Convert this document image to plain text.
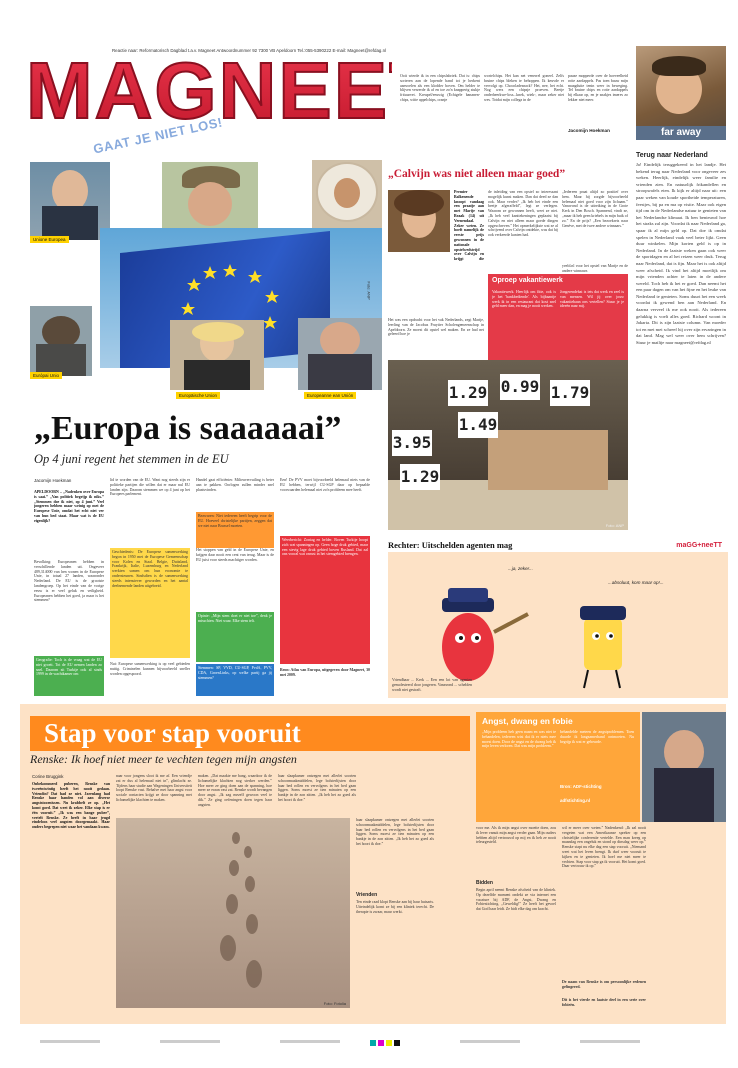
MAGNEE
Reactie naar: Reformatorisch Dagblad t.a.v. Magneet Antwoordnummer 92 7300 VB Apeldoorn Tel.:055-5390222 E-mail: Magneet@refdag.nl
GAAT JE NIET LOS!
Ooit wierde ik in een chipsfabriek. Dat is: chips sorteren aan de lopende band tot je herkent aanvoelen als een klodder boven. Om helder te blijven verzerde ik af en toe zo'n knapperig stukje frituurvet. Kreupel/eeuwig (Echtgele bananen-chips, witte appelchips, oranje
wortelchips. Het kan net venerrel goneel. Zelfs bruine chips bleken te behoppen. Ik keuvde er vervolgt op. Chocoladesnack? Het, nee, het echt. Nog wers een chipsje proeven. Beetje onderheerkwe-loss...knek, wiek-, maar zeker niet wes. Totdat mijn collega in de
pauze mopperde over de hoeveelheid rotte aardappels. Pas toen bauw mijn maagdutte tenin weer in beweging. Tel bruine chips en rotte aardappels bij elkaar op, en je snakjes imeres zo lekker niet meer.
Jacomijn Hoekman	far away
Terug naar Nederland
Ja! Eindelijk teruggekeerd in het landje. Het bekend terug naar Nederland voor ongeveer zes weken. Heerlijk, eindelijk weer familie en vrienden zien. En natuurlijk frikandellen en stroopwafels eten. Ik kijk er altijd naar uit: een paar weken van koude sportheide temperaturen, feestjes, bij pa en ma op visite. Maar ook eigen tijd om in de Nederlandse natuur te genieten van het Nederlandse klimaat. Ik ben benieuwd hoe het straks zal zijn. Voordat ik naar Nederland ga, spaar ik al mijn geld op. Dat doe ik omdat spelen in Nederland vaak veel beter lijkt. Geen duur winkelen. Mijn korten geld is op in Nederland. In de laatste weken gaan ook weer de sportdagen en al het reizen weer druk. Terug naar Nederland, dat is fijn. Maar het is ook altijd weer afscheid. Ik vind het altijd moeilijk om mijn vrienden achter te laten in de andere wereld. Toch heb ik het er goed. Dan neemt het een paar dagen om van het fijne en het leuke van Nederland te genieten. Soms duurt het een week voordat ik gewend ben aan Nederland. En daarna verveel ik me ook nooit. Als iedereen gelukkig is voelt alles goed. Richard woont in Jakarta. Dit is zijn laatste column. Van moeder tot en met mei schreef hij over zijn ervaringen in dat land. Mag wel weer over hem schrijven? Stuur je mailtje naar magneet@refdag.nl
Unione Europea
Foto: ANP
Európai Unio
Europäische Union	Europeanne ean Unión
„Calvijn was niet alleen maar goed”
Premier Balkenende knoopt vandaag een praatje aan met Marije van Braak (14) uit Veenendaal. Zeker weten. Ze hoeft namelijk de eerste prijs gewonnen in de nationale opstelwedstrijd over Calvijn en krijgt die
de inleiding van een opstel zo interessant mogelijk kunst maken. Dan dat deed ze dan ook. Maar verder? „Ik heb het einde een beetje afgeraffeld”, legt ze verlegen. Waarom ze gewonnen heeft, weet ze niet. „Ik heb veel kanttekeningen geplaatst bij Calvijn en niet alleen maar goede dingen opgeschreven.” Het opmerkelijkste wat ze al schrijvend over Calvijn ontdekte, was dat hij ook verkeerde kanten had.
„Iedereen praat altijd zo positief over hem. Maar hij zorgde bijvoorbeeld helemaal niet goed voor zijn lichaam.” Vanavond is de uitreiking in de Grote Kerk in Den Bosch. Spannend, vindt ze, „maar ik heb geen kriebels in mijn buik of zo.” En de prijs? „Een bezoekreis naar Genève, met de twee andere winnaars.”
yeeld.nl voor het opstel van Marije en de andere winnaars
Het was een opdracht voor het vak Nederlands, zegt Marije, leerling van de Jacobus Fruytier Scholengemeenschap in Apeldoorn. Ze moest dit opstel wel maken. En ze had net geleerd hoe je
Oproep vakantiewerk
Vakantiewerk. Heerlijk om fitte, ook is je het 'bankbediende'. Als bijbaantje werk ik in een restaurant dat kost snel geld meer dan, en mag je nooit werken.
Jongerendebat is iets dat werk en zeel is van mensen. Wil jij over jouw vakantiebaan ons vertellen? Stuur je je ideeën naar mij.
1.29 0.99 1.79
1.49
3.95
1.29
Foto: ANP
„Europa is saaaaaai”
Op 4 juni regent het stemmen in de EU
Jacomijn Hoekman
APELDOORN – „Nadenken over Europa is saai.” „Van politiek begrijp ik niks.” „Stemmen doe ik niet, op 4 juni.” Veel jongeren hebben maar weinig op met de Europese Unie, omdat het echt niet ver van hun bed staat. Maar wat is de EU eigenlijk?
Bevolking: Europeanen hebben in verschillende landen uit. Ongeveer 489,314000 van hen wonen in de Europese Unie, in totaal 27 landen, waaronder Nederland. De EU is de grootste landengroep. Op het einde van de vorige eeuw is er veel geluk en veiligheid. Europeanen hebben het goed, ja maar is het stemmen?
Geografie: Toch is de vraag wat de EU niet groeit. Tot de EU nemen landen zo snel. Daarom zit Turkije ook al sinds 1999 in de wachtkamer om
lid te worden van de EU. Want nog steeds zijn er politieke partijen die willen dat er maar nul EU landen zijn. Daarom stemmen we op 4 juni op het Europees parlement.
Geschiedenis: De Europese samenwerking begon in 1950 met de Europese Gemeenschap voor Kolen en Staal. Belgie, Duitsland, Frankrijk, Italie, Luxemburg en Nederland werkten samen om hun economie te ondersteunen. Sindsdien is de samenwerking steeds intensiever geworden en het aantal deelnemende landen uitgebreid.
Nut: Europese samenwerking is op veel gebieden nuttig. Criminelen kunnen bijvoorbeeld sneller worden opgespoord.
Handel gaat efficiënter. Milieuvervuiling is beter aan te pakken. Oorlogen zullen minder snel plaatsvinden.
Bezwaren: Niet iedereen heeft begrip voor de EU. Hoeveel christelijke partijen, zeggen dat we niet naar Brussel moeten.
Het stoppen van geld in de Europese Unie, en krijgen daar nooit een cent van terug. Maar is de EU juist voor steeds machtiger worden.
Opinie: „Mijn stem doet er niet toe”, denk je misschien. Niet waar. Elke stem telt.
Stemmen: SP, VVD, CU-SGP, PvdA, PVV, CDA, GroenLinks, op welke partij ga jij stemmen?
Een! De PVV moet bijvoorbeeld helemaal niets van de EU hebben, terwijl CU-SGP daar op bepaalde voorwaarden helemaal niet zo'n probleem mee heeft.
Weerbericht: Zoniag en helder. Boven Turkije hoopt zich wat spanningen op. Geen hoge druk gebied, maar een stevig lage druk gebied boven Rusland. Dat zal ons vooral wat onrust in het stemgebied brengen.
Bron: Atlas van Europa, uitgegeven door Magneet, 30 mei 2009.
Rechter: Uitschelden agenten mag	maGG+neeTT
...ja, zeker...
...absoluut, kom maar op!...
Vriendbaar ... Kerk ... Een een lot van agenten gemolesteerd door jongeren. Vanavond ... schelden wordt niet gestraft.
Stap voor stap vooruit
Renske: Ik hoef niet meer te vechten tegen mijn angsten
Corine Bruggink
Onbekommerd puberen, Renske van tweeëntwintig heeft het nooit gedaan. Vriendin? Dat had ze niet. Jarenlang had Renske haar handen vol aan diverse angststoornissen. Nu krabbelt ze op. „Het komt goed. Dat weet ik zeker. Elke stap is er één vooruit.” „Ik was een bange puber”, vertelt Renske. Ze heeft in haar jeugd eindeloos veel angsten doorgemaakt. Haar ouders begrepen niet waar het vandaan kwam.
naar voor jongens sloot ik me af. Een vriendje zat er dus al helemaal niet in”, glimlacht ze. Tijdens haar studie aan Wageningen Universiteit loopt Renske vast. Behalve met haar angst voor sociale contacten krijgt ze door spanning met lichamelijke klachten te maken.
maken. „Dat maakte me bang, waardoor ik de lichamelijke klachten nog sterker werden.” Hoe meer ze ging doen aan de spanning, hoe meer ze eraan vast zat. Renske wordt bevangen door angst. „Ik zag mezelf gewoon veel te dik.” Ze ging oefeningen doen tegen haar angsten.
haar slaapkamer ontzegen met allerlei soorten schoonmaakmiddelen, lege bolsterlijsten door haar bed rollen en vervolgens in het bed gaan liggen. Soms moest ze tien minuten op een bankje in de zon zitten. „Ik heb het zo goed als het hoort ik doe.”
Foto: Fotolia
haar slaapkamer ontzegen met allerlei soorten schoonmaakmiddelen, lege bolsterlijsten door haar bed rollen en vervolgens in het bed gaan liggen. Soms moest ze tien minuten op een bankje in de zon zitten. „Ik heb het zo goed als het hoort ik doe.”
Vrienden
Ten einde raad klopt Renske aan bij haar huisarts. Uiteindelijk komt ze bij een kliniek terecht. De therapie is zwaar, maar werkt.
Angst, dwang en fobie
„Mijn probleem heb geen naam en was niet te behandelen, iedereen wist dat ik er niets mee moest doen. Door de angst en de dwang heb ik mijn leven verloren. Dat was mijn probleem.”
behandelde meteen de angstproblemen. Toen duurde ik langzamerhand ontmoeten. Nu begrijp ik wat er gebeurde.
Bron: ADF-stichting
adfstichting.nl
voor me. Als ik mijn angst over moeite doen, zou ik lever vanuit mijn angst verder gaan. Mijn ouders hebben altijd vertrouwd op mij en ik heb ze nooit teleurgesteld.
Bidden
Begin april neemt Renske afscheid van de kliniek. Op dezelfde moment ondekt ze via internet een vacature bij ADF, de Angst, Dwang en Fobiestichting. „Geweldig!” Ze heeft het gevoel dat God haar leidt. Ze bidt elke dag om kracht.
wil er meer over weten.” Nadenkend: „Ik zal nooit vergeten wat een Amerikaanse spreker op een christelijke conferentie vertelde. Een man kreeg op maandag een ongeluk en stond op dinsdag weer op.” Renske stapt nu elke dag een stap vooruit. „Niemand weet wat het leven brengt. Ik durf weer vooruit te kijken en te genieten. Ik hoef me niet meer te vechten. Stap voor stap ga ik vooruit. Het komt goed. Daar vertrouw ik op.”
De naam van Renske is om persoonlijke redenen gefingeerd.
Dit is het vierde en laatste deel in een serie over fobieën.
